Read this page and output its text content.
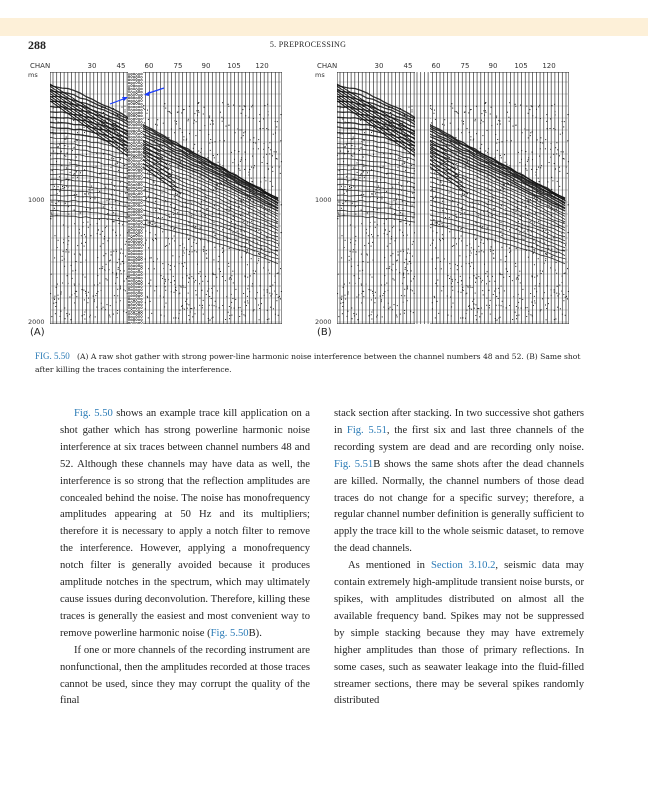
288	5. PREPROCESSING
CHAN	30	45	60	75	90 105 120
ms
1000
2000
(A)
CHAN	30	45	60	75	90 105 120
ms
1000
2000
(B)
FIG. 5.50 (A) A raw shot gather with strong power-line harmonic noise interference between the channel numbers 48 and 52. (B) Same shot after killing the traces containing the interference.

Fig. 5.50 shows an example trace kill application on a shot gather which has strong powerline harmonic noise interference at six traces between channel numbers 48 and 52. Although these channels may have data as well, the interference is so strong that the reflection amplitudes are concealed behind the noise. The noise has monofrequency amplitudes appearing at 50 Hz and its multipliers; therefore it is necessary to apply a notch filter to remove the interference. However, applying a monofrequency notch filter is generally avoided because it produces amplitude notches in the spectrum, which may ultimately cause issues during deconvolution. Therefore, killing these traces is generally the easiest and most convenient way to remove powerline harmonic noise (Fig. 5.50B).

If one or more channels of the recording instrument are nonfunctional, then the amplitudes recorded at those traces cannot be used, since they may corrupt the quality of the final

stack section after stacking. In two successive shot gathers in Fig. 5.51, the first six and last three channels of the recording system are dead and are recording only noise. Fig. 5.51B shows the same shots after the dead channels are killed. Normally, the channel numbers of those dead traces do not change for a specific survey; therefore, a regular channel number definition is generally sufficient to apply the trace kill to the whole seismic dataset, to remove the dead channels.

As mentioned in Section 3.10.2, seismic data may contain extremely high-amplitude transient noise bursts, or spikes, with amplitudes distributed on almost all the available frequency band. Spikes may not be suppressed by simple stacking because they may have extremely higher amplitudes than those of primary reflections. In some cases, such as seawater leakage into the fluid-filled streamer sections, there may be several spikes randomly distributed
